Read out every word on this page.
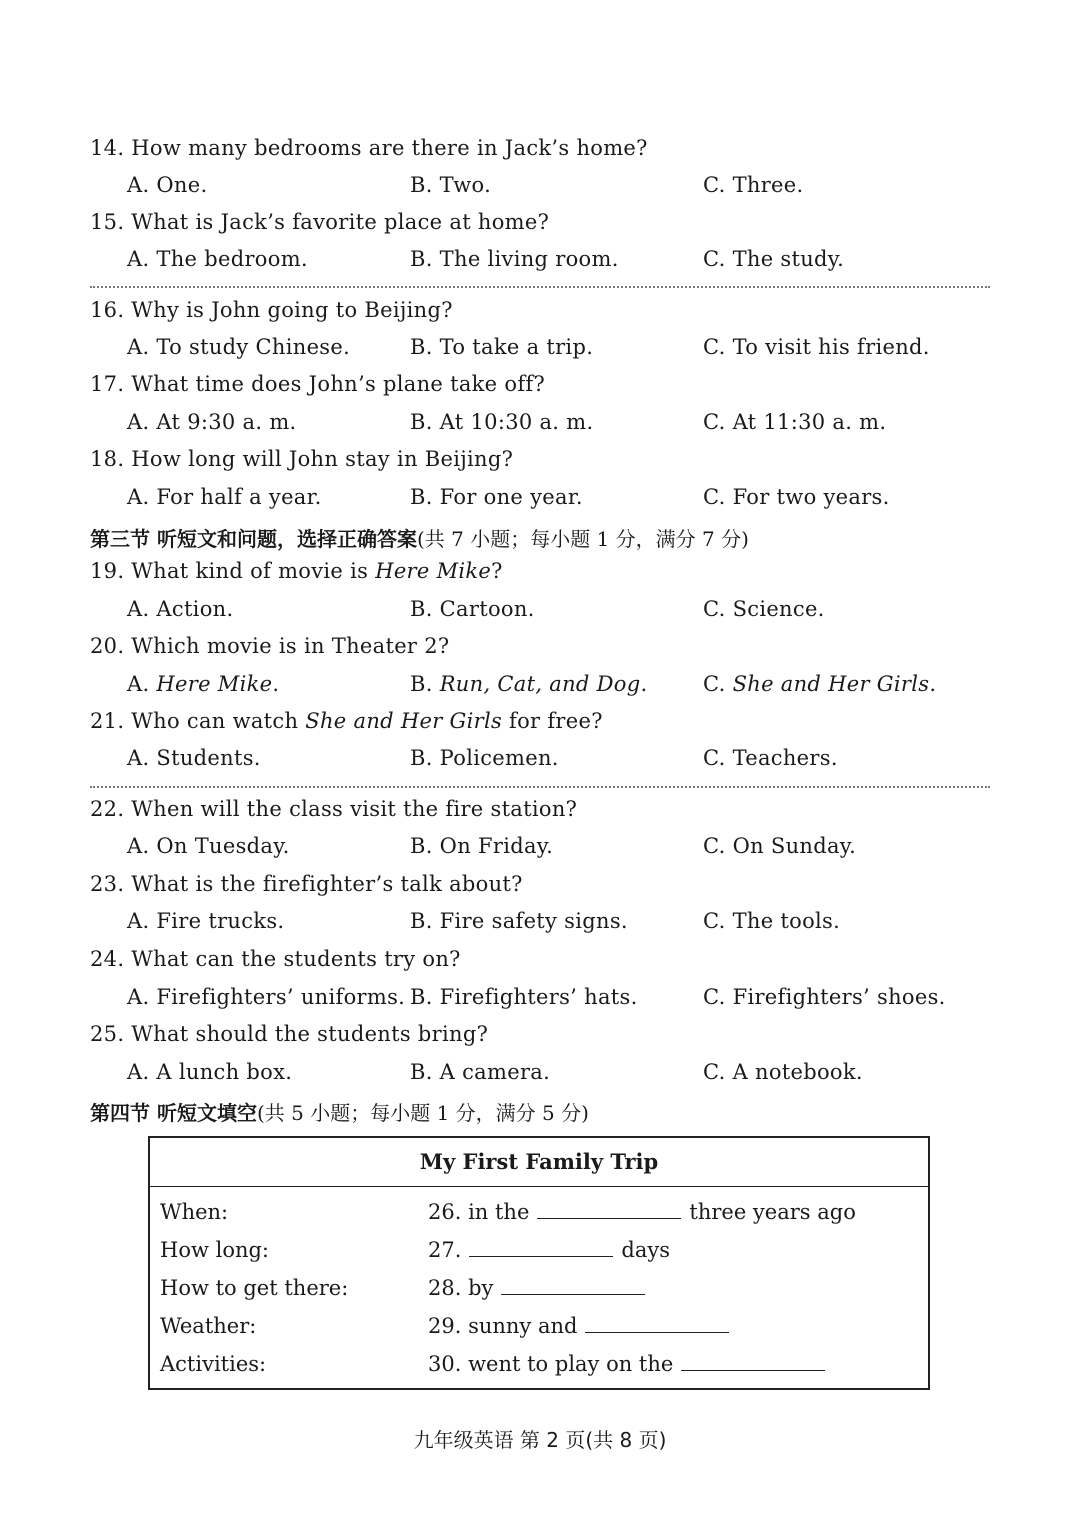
14. How many bedrooms are there in Jack’s home?
A. One.	B. Two.	C. Three.
15. What is Jack’s favorite place at home?
A. The bedroom.	B. The living room.	C. The study.
16. Why is John going to Beijing?
A. To study Chinese.	B. To take a trip.	C. To visit his friend.
17. What time does John’s plane take off?
A. At 9:30 a. m.	B. At 10:30 a. m.	C. At 11:30 a. m.
18. How long will John stay in Beijing?
A. For half a year.	B. For one year.	C. For two years.
第三节 听短文和问题，选择正确答案(共 7 小题；每小题 1 分，满分 7 分)
19. What kind of movie is Here Mike?
A. Action.	B. Cartoon.	C. Science.
20. Which movie is in Theater 2?
A. Here Mike.	B. Run, Cat, and Dog.	C. She and Her Girls.
21. Who can watch She and Her Girls for free?
A. Students.	B. Policemen.	C. Teachers.
22. When will the class visit the fire station?
A. On Tuesday.	B. On Friday.	C. On Sunday.
23. What is the firefighter’s talk about?
A. Fire trucks.	B. Fire safety signs.	C. The tools.
24. What can the students try on?
A. Firefighters’ uniforms. B. Firefighters’ hats.	C. Firefighters’ shoes.
25. What should the students bring?
A. A lunch box.	B. A camera.	C. A notebook.
第四节 听短文填空(共 5 小题；每小题 1 分，满分 5 分)
My First Family Trip
When:	26. in the	three years ago
How long:	27.	days
How to get there:	28. by
Weather:	29. sunny and
Activities:	30. went to play on the
九年级英语 第 2 页(共 8 页)
